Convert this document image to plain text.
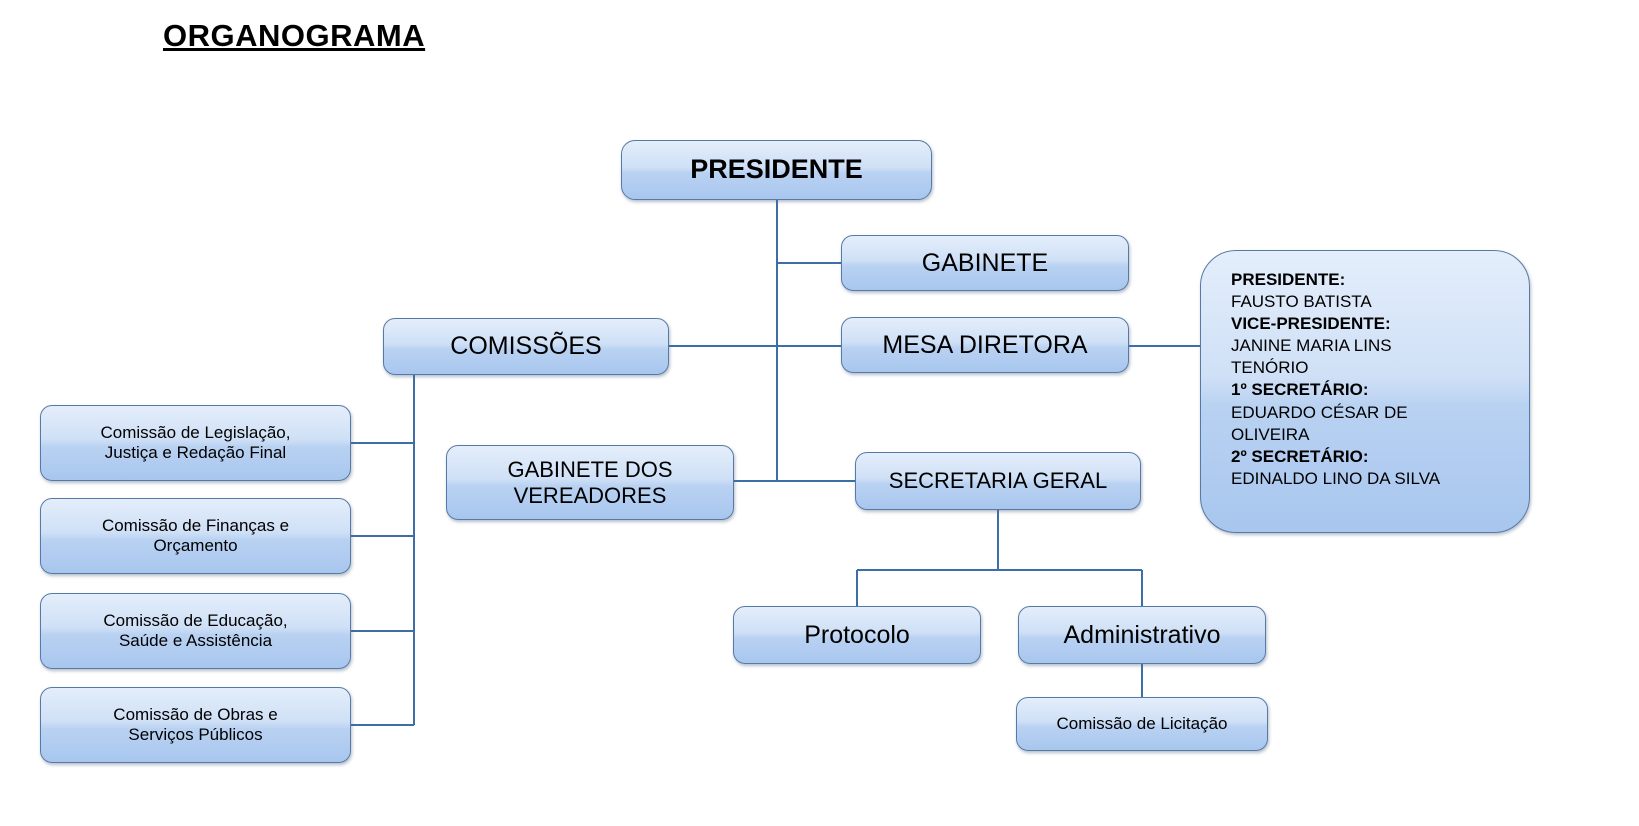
ORGANOGRAMA
PRESIDENTE
GABINETE
MESA DIRETORA
COMISSÕES
GABINETE DOS
VEREADORES
SECRETARIA GERAL
Protocolo	Administrativo
Comissão de Licitação
Comissão de Legislação,
Justiça e Redação Final
Comissão de Finanças e
Orçamento
Comissão de Educação,
Saúde e Assistência
Comissão de Obras e
Serviços Públicos
PRESIDENTE:
FAUSTO BATISTA
VICE-PRESIDENTE:
JANINE MARIA LINS
TENÓRIO
1º SECRETÁRIO:
EDUARDO CÉSAR DE
OLIVEIRA
2º SECRETÁRIO:
EDINALDO LINO DA SILVA
